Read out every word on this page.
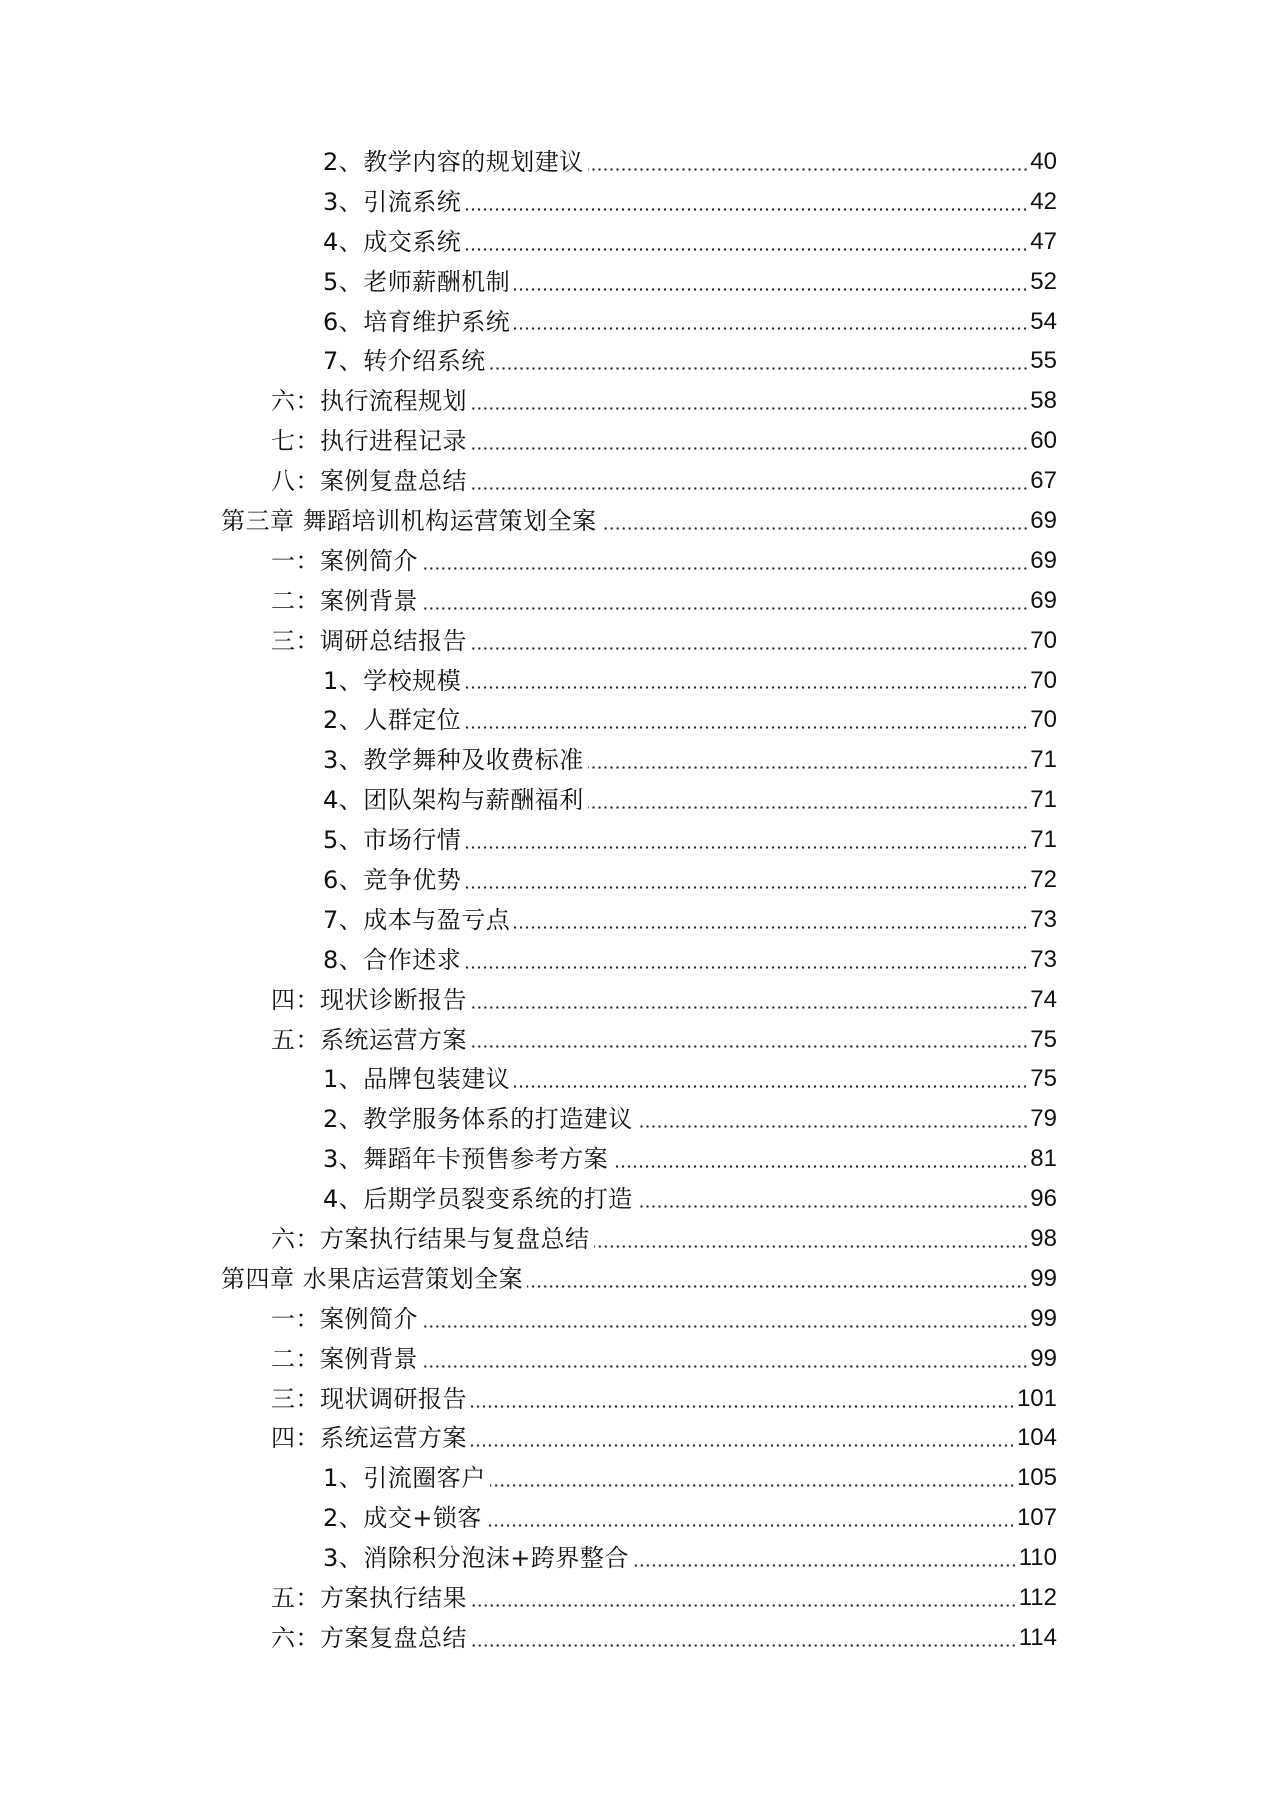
2、教学内容的规划建议	40
3、引流系统	42
4、成交系统	47
5、老师薪酬机制	52
6、培育维护系统	54
7、转介绍系统	55
六：执行流程规划	58
七：执行进程记录	60
八：案例复盘总结	67
第三章 舞蹈培训机构运营策划全案	69
一：案例简介	69
二：案例背景	69
三：调研总结报告	70
1、学校规模	70
2、人群定位	70
3、教学舞种及收费标准	71
4、团队架构与薪酬福利	71
5、市场行情	71
6、竞争优势	72
7、成本与盈亏点	73
8、合作述求	73
四：现状诊断报告	74
五：系统运营方案	75
1、品牌包装建议	75
2、教学服务体系的打造建议	79
3、舞蹈年卡预售参考方案	81
4、后期学员裂变系统的打造	96
六：方案执行结果与复盘总结	98
第四章 水果店运营策划全案	99
一：案例简介	99
二：案例背景	99
三：现状调研报告	101
四：系统运营方案	104
1、引流圈客户	105
2、成交+锁客	107
3、消除积分泡沫+跨界整合	110
五：方案执行结果	112
六：方案复盘总结	114
